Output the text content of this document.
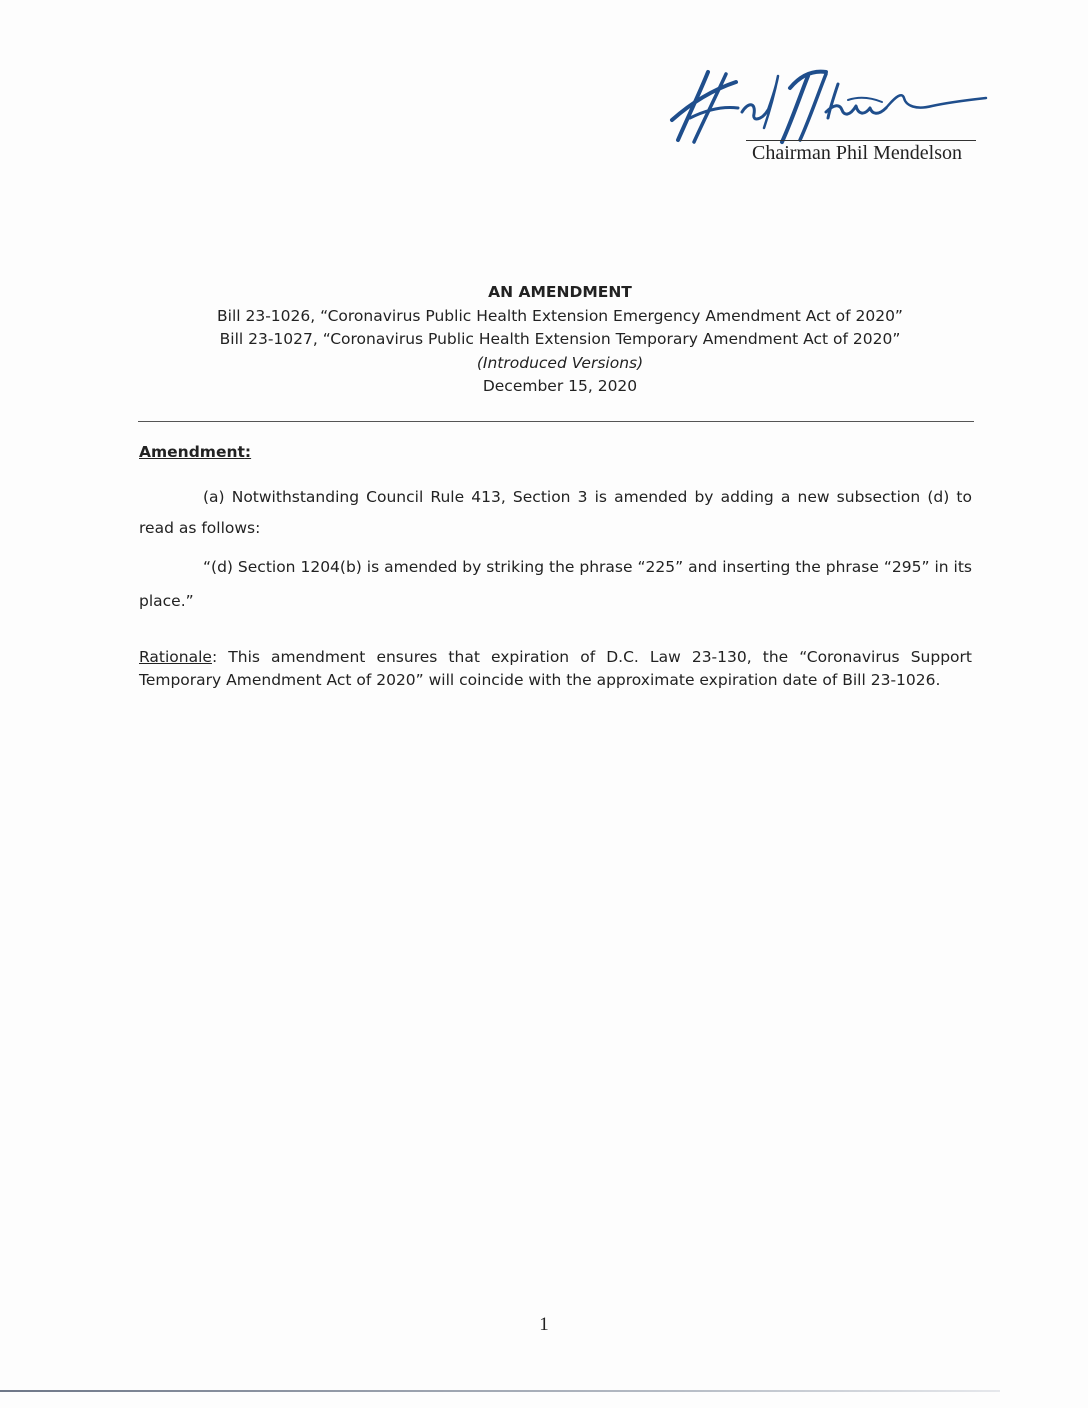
Chairman Phil Mendelson
AN AMENDMENT
Bill 23-1026, “Coronavirus Public Health Extension Emergency Amendment Act of 2020”
Bill 23-1027, “Coronavirus Public Health Extension Temporary Amendment Act of 2020”
(Introduced Versions)
December 15, 2020
Amendment:
(a) Notwithstanding Council Rule 413, Section 3 is amended by adding a new subsection (d) to read as follows:
“(d) Section 1204(b) is amended by striking the phrase “225” and inserting the phrase “295” in its place.”
Rationale: This amendment ensures that expiration of D.C. Law 23-130, the “Coronavirus Support Temporary Amendment Act of 2020” will coincide with the approximate expiration date of Bill 23-1026.
1
